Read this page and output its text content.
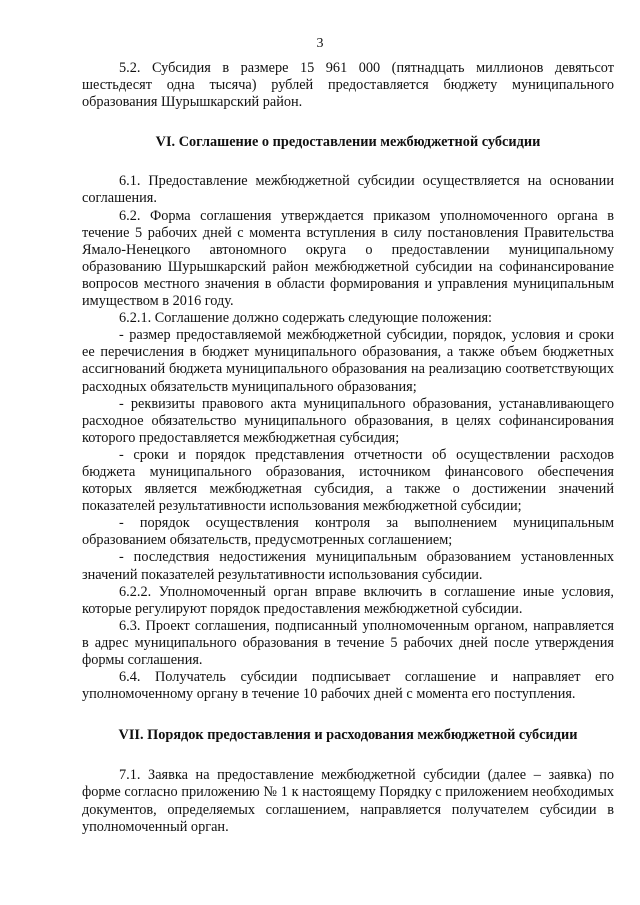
3

5.2. Субсидия в размере 15 961 000 (пятнадцать миллионов девятьсот шестьдесят одна тысяча) рублей предоставляется бюджету муниципального образования Шурышкарский район.

VI. Соглашение о предоставлении межбюджетной субсидии

6.1. Предоставление межбюджетной субсидии осуществляется на основании соглашения.

6.2. Форма соглашения утверждается приказом уполномоченного органа в течение 5 рабочих дней с момента вступления в силу постановления Правительства Ямало-Ненецкого автономного округа о предоставлении муниципальному образованию Шурышкарский район межбюджетной субсидии на софинансирование вопросов местного значения в области формирования и управления муниципальным имуществом в 2016 году.

6.2.1. Соглашение должно содержать следующие положения:

- размер предоставляемой межбюджетной субсидии, порядок, условия и сроки ее перечисления в бюджет муниципального образования, а также объем бюджетных ассигнований бюджета муниципального образования на реализацию соответствующих расходных обязательств муниципального образования;

- реквизиты правового акта муниципального образования, устанавливающего расходное обязательство муниципального образования, в целях софинансирования которого предоставляется межбюджетная субсидия;

- сроки и порядок представления отчетности об осуществлении расходов бюджета муниципального образования, источником финансового обеспечения которых является межбюджетная субсидия, а также о достижении значений показателей результативности использования межбюджетной субсидии;

- порядок осуществления контроля за выполнением муниципальным образованием обязательств, предусмотренных соглашением;

- последствия недостижения муниципальным образованием установленных значений показателей результативности использования субсидии.

6.2.2. Уполномоченный орган вправе включить в соглашение иные условия, которые регулируют порядок предоставления межбюджетной субсидии.

6.3. Проект соглашения, подписанный уполномоченным органом, направляется в адрес муниципального образования в течение 5 рабочих дней после утверждения формы соглашения.

6.4. Получатель субсидии подписывает соглашение и направляет его уполномоченному органу в течение 10 рабочих дней с момента его поступления.

VII. Порядок предоставления и расходования межбюджетной субсидии

7.1. Заявка на предоставление межбюджетной субсидии (далее – заявка) по форме согласно приложению № 1 к настоящему Порядку с приложением необходимых документов, определяемых соглашением, направляется получателем субсидии в уполномоченный орган.
